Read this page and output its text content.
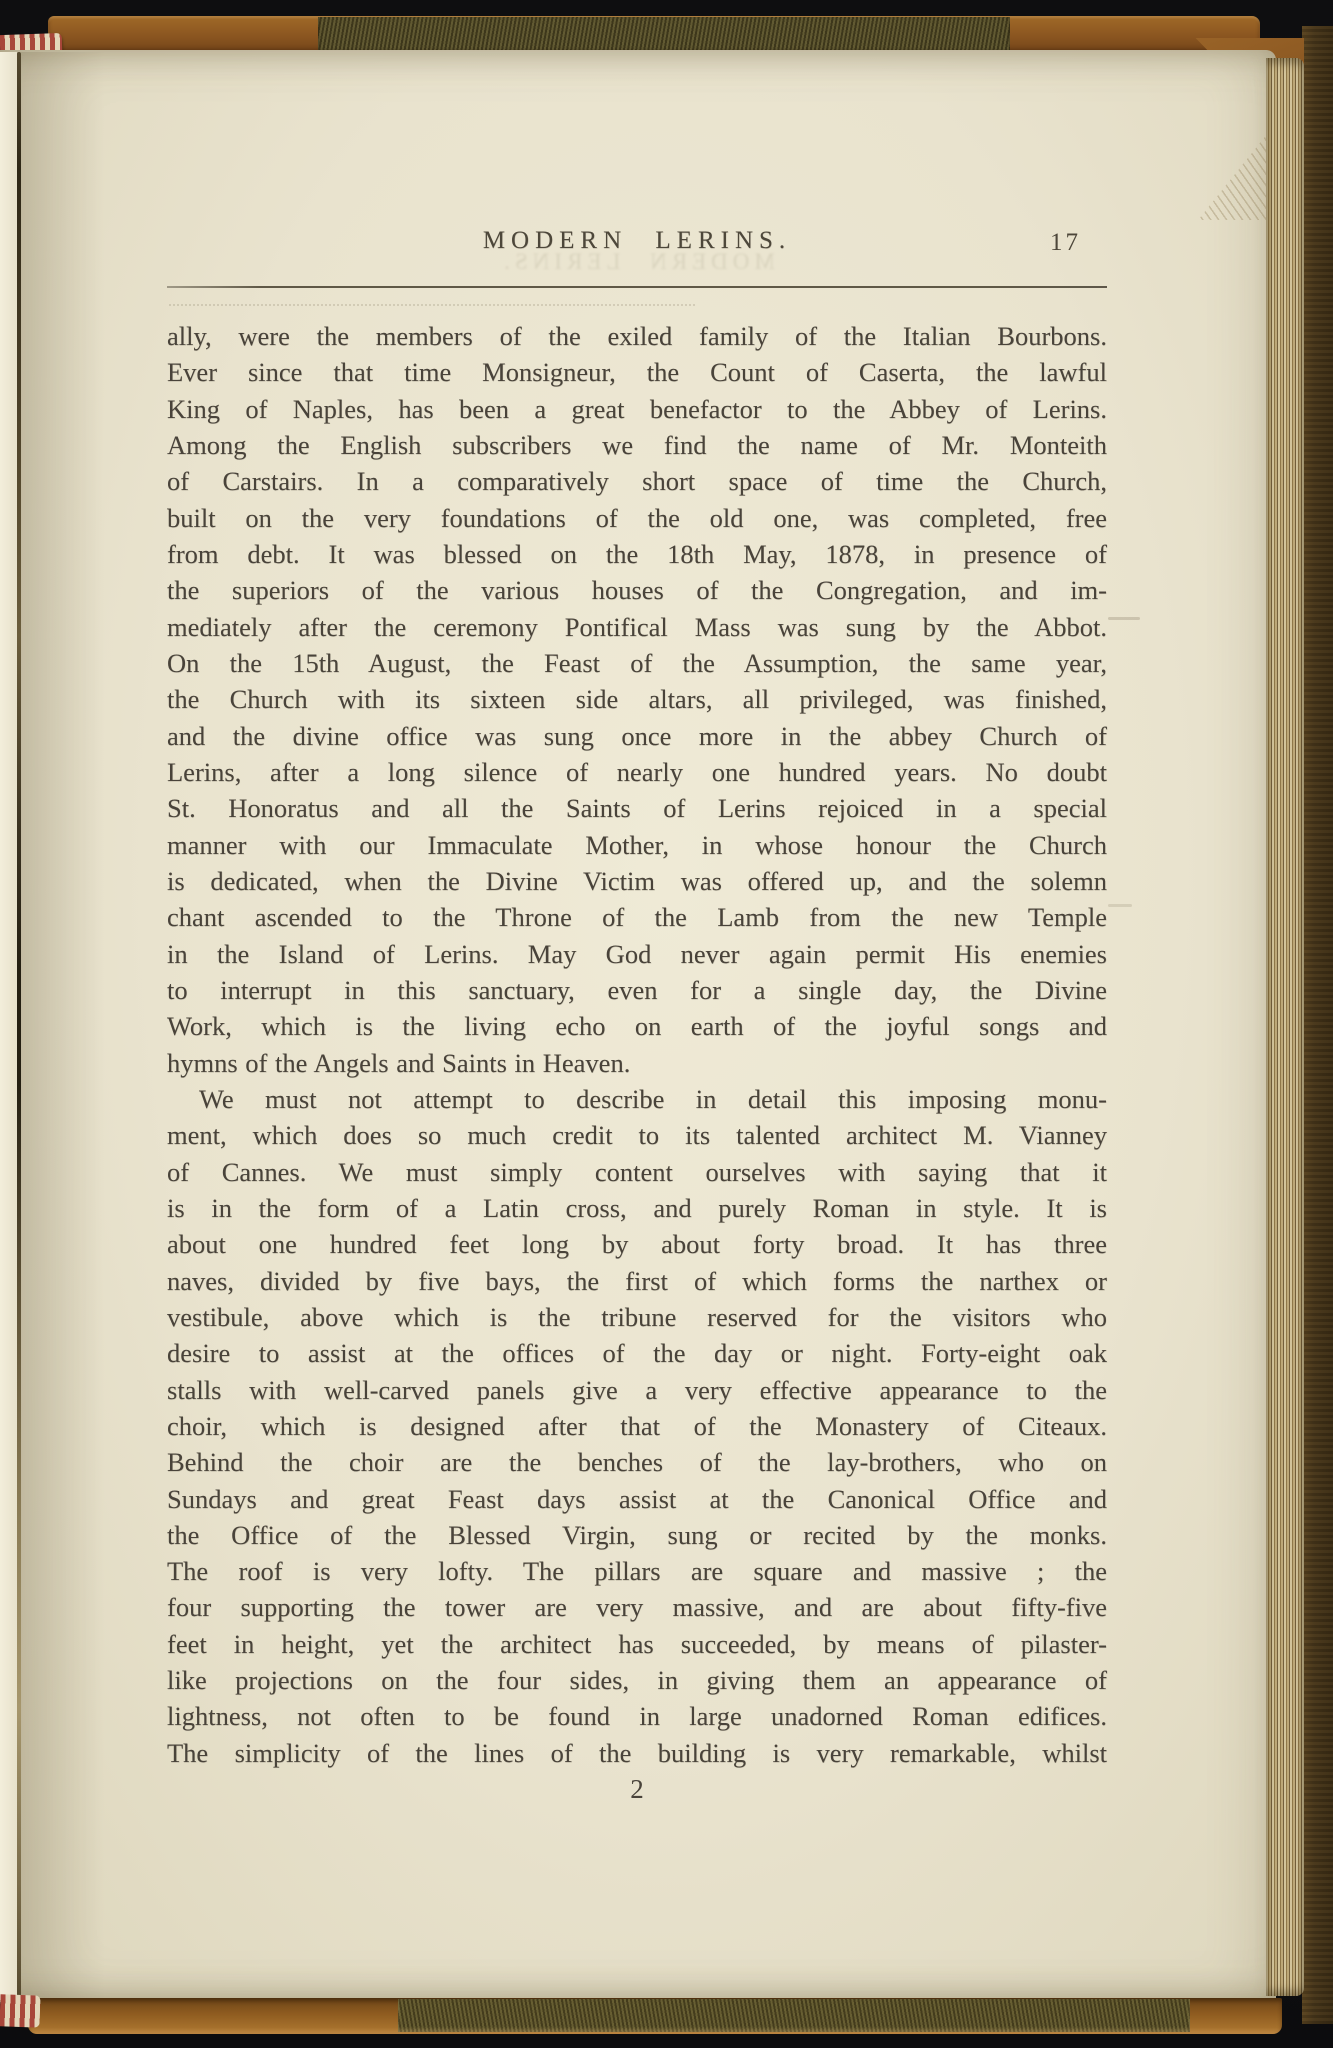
MODERN LERINS.
MODERN LERINS.	17
ally, were the members of the exiled family of the Italian Bourbons.
Ever since that time Monsigneur, the Count of Caserta, the lawful
King of Naples, has been a great benefactor to the Abbey of Lerins.
Among the English subscribers we find the name of Mr. Monteith
of Carstairs. In a comparatively short space of time the Church,
built on the very foundations of the old one, was completed, free
from debt. It was blessed on the 18th May, 1878, in presence of
the superiors of the various houses of the Congregation, and im-
mediately after the ceremony Pontifical Mass was sung by the Abbot.
On the 15th August, the Feast of the Assumption, the same year,
the Church with its sixteen side altars, all privileged, was finished,
and the divine office was sung once more in the abbey Church of
Lerins, after a long silence of nearly one hundred years. No doubt
St. Honoratus and all the Saints of Lerins rejoiced in a special
manner with our Immaculate Mother, in whose honour the Church
is dedicated, when the Divine Victim was offered up, and the solemn
chant ascended to the Throne of the Lamb from the new Temple
in the Island of Lerins. May God never again permit His enemies
to interrupt in this sanctuary, even for a single day, the Divine
Work, which is the living echo on earth of the joyful songs and
hymns of the Angels and Saints in Heaven.
We must not attempt to describe in detail this imposing monu-
ment, which does so much credit to its talented architect M. Vianney
of Cannes. We must simply content ourselves with saying that it
is in the form of a Latin cross, and purely Roman in style. It is
about one hundred feet long by about forty broad. It has three
naves, divided by five bays, the first of which forms the narthex or
vestibule, above which is the tribune reserved for the visitors who
desire to assist at the offices of the day or night. Forty-eight oak
stalls with well-carved panels give a very effective appearance to the
choir, which is designed after that of the Monastery of Citeaux.
Behind the choir are the benches of the lay-brothers, who on
Sundays and great Feast days assist at the Canonical Office and
the Office of the Blessed Virgin, sung or recited by the monks.
The roof is very lofty. The pillars are square and massive ; the
four supporting the tower are very massive, and are about fifty-five
feet in height, yet the architect has succeeded, by means of pilaster-
like projections on the four sides, in giving them an appearance of
lightness, not often to be found in large unadorned Roman edifices.
The simplicity of the lines of the building is very remarkable, whilst
2
